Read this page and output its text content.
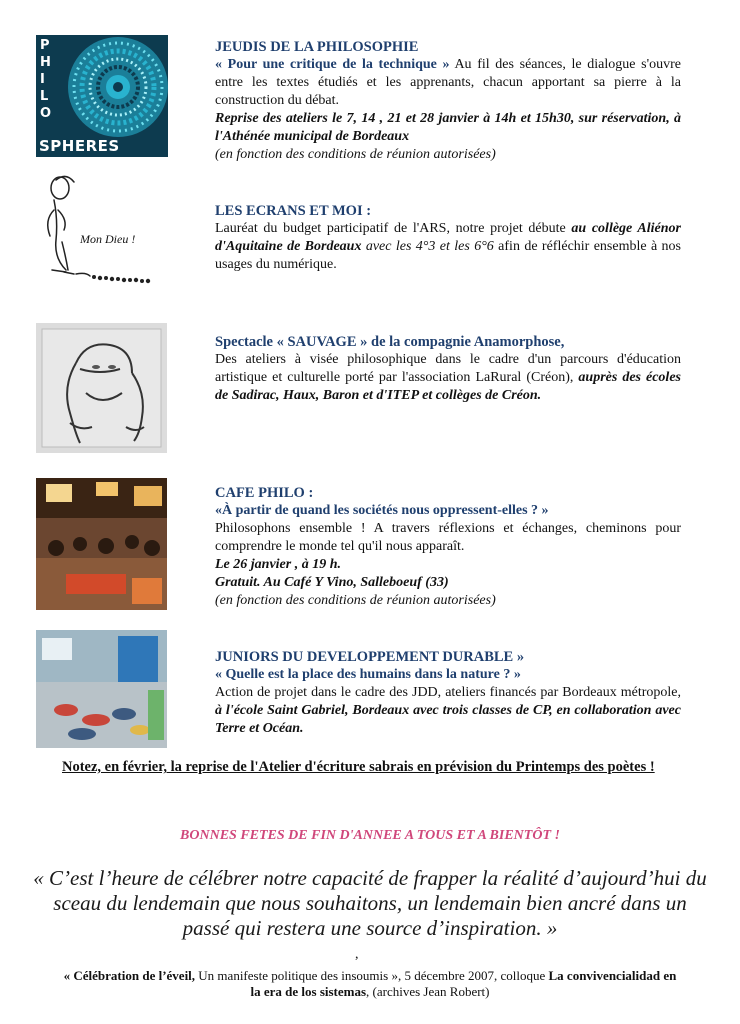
P
H
I
L
O
SPHERES
JEUDIS DE LA PHILOSOPHIE
« Pour une critique de la technique » Au fil des séances, le dialogue s'ouvre entre les textes étudiés et les apprenants, chacun apportant sa pierre à la construction du débat.
Reprise des ateliers le 7, 14 , 21 et 28 janvier à 14h et 15h30, sur réservation, à l'Athénée municipal de Bordeaux
(en fonction des conditions de réunion autorisées)
Mon Dieu !
LES ECRANS ET MOI :
Lauréat du budget participatif de l'ARS, notre projet débute au collège Aliénor d'Aquitaine de Bordeaux avec les 4°3 et les 6°6 afin de réfléchir ensemble à nos usages du numérique.
Spectacle « SAUVAGE » de la compagnie Anamorphose,
Des ateliers à visée philosophique dans le cadre d'un parcours d'éducation artistique et culturelle porté par l'association LaRural (Créon), auprès des écoles de Sadirac, Haux, Baron et d'ITEP et collèges de Créon.
CAFE PHILO :
«À partir de quand les sociétés nous oppressent-elles ? »
Philosophons ensemble ! A travers réflexions et échanges, cheminons pour comprendre le monde tel qu'il nous apparaît.
Le 26 janvier , à 19 h.
Gratuit. Au Café Y Vino, Salleboeuf (33)
(en fonction des conditions de réunion autorisées)
JUNIORS DU DEVELOPPEMENT DURABLE »
« Quelle est la place des humains dans la nature ? »
Action de projet dans le cadre des JDD, ateliers financés par Bordeaux métropole, à l'école Saint Gabriel, Bordeaux avec trois classes de CP, en collaboration avec Terre et Océan.
Notez, en février, la reprise de l'Atelier d'écriture sabrais en prévision du Printemps des poètes !
BONNES FETES DE FIN D'ANNEE A TOUS ET A BIENTÔT !
« C’est l’heure de célébrer notre capacité de frapper la réalité d’aujourd’hui du sceau du lendemain que nous souhaitons, un lendemain bien ancré dans un passé qui restera une source d’inspiration. »
,
« Célébration de l’éveil, Un manifeste politique des insoumis », 5 décembre 2007, colloque La convivencialidad en la era de los sistemas, (archives Jean Robert)
